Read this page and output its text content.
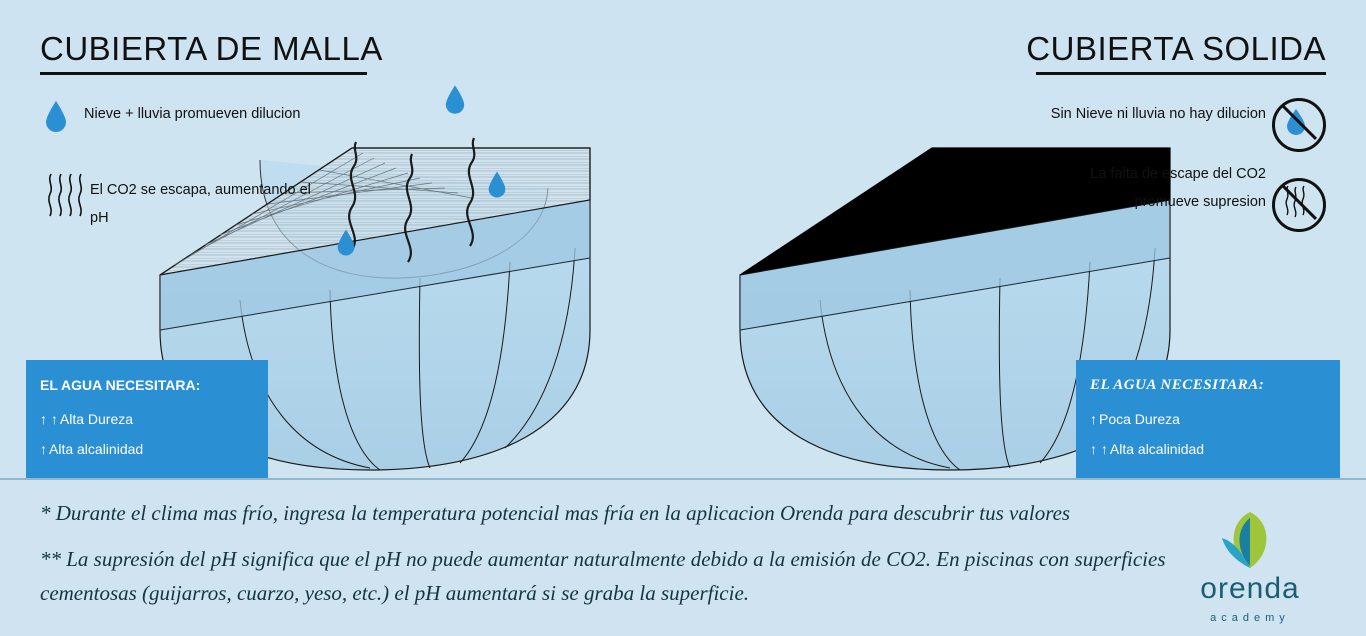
CUBIERTA DE MALLA	CUBIERTA SOLIDA
Nieve + lluvia promueven dilucion
El CO2 se escapa, aumentando el pH
Sin Nieve ni lluvia no hay dilucion
La falta de escape del CO2 promueve supresion
EL AGUA NECESITARA:
↑ ↑ Alta Dureza
↑ Alta alcalinidad
EL AGUA NECESITARA:
↑ Poca Dureza
↑ ↑ Alta alcalinidad
* Durante el clima mas frío, ingresa la temperatura potencial mas fría en la aplicacion Orenda para descubrir tus valores
** La supresión del pH significa que el pH no puede aumentar naturalmente debido a la emisión de CO2. En piscinas con superficies cementosas (guijarros, cuarzo, yeso, etc.) el pH aumentará si se graba la superficie.	orenda
academy
